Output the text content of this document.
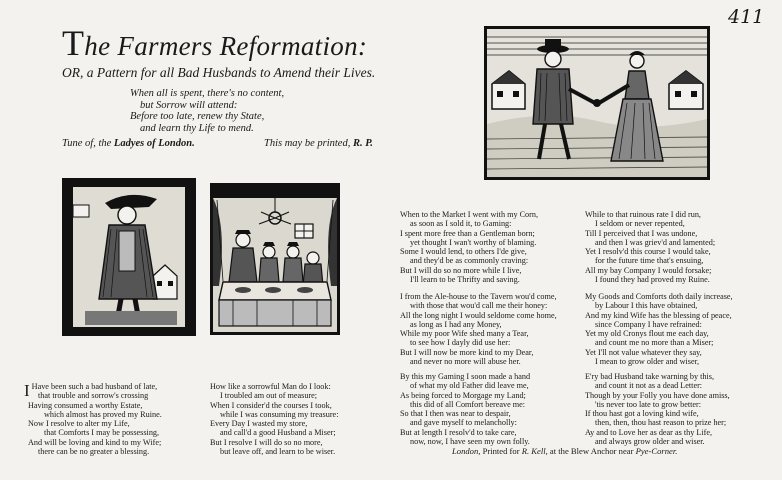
411
The Farmers Reformation:
OR, a Pattern for all Bad Husbands to Amend their Lives.
When all is spent, there's no content,
but Sorrow will attend:
Before too late, renew thy State,
and learn thy Life to mend.
Tune of, the Ladyes of London.	This may be printed, R. P.
I Have been such a bad husband of late,
that trouble and sorrow's crossing
Having consumed a worthy Estate,
which almost has proved my Ruine.
Now I resolve to alter my Life,
that Comforts I may be possessing,
And will be loving and kind to my Wife;
there can be no greater a blessing.
How like a sorrowful Man do I look:
I troubled am out of measure;
When I consider'd the courses I took,
while I was consuming my treasure:
Every Day I wasted my store,
and call'd a good Husband a Miser;
But I resolve I will do so no more,
but leave off, and learn to be wiser.
When to the Market I went with my Corn,
as soon as I sold it, to Gaming:
I spent more free than a Gentleman born;
yet thought I wan't worthy of blaming.
Some I would lend, to others I'de give,
and they'd be as commonly craving:
But I will do so no more while I live,
I'll learn to be Thrifty and saving.
I from the Ale-house to the Tavern wou'd come,
with those that wou'd call me their honey:
All the long night I would seldome come home,
as long as I had any Money,
While my poor Wife shed many a Tear,
to see how I dayly did use her:
But I will now be more kind to my Dear,
and never no more will abuse her.
By this my Gaming I soon made a hand
of what my old Father did leave me,
As being forced to Morgage my Land;
this did of all Comfort bereave me:
So that I then was near to despair,
and gave myself to melancholly:
But at length I resolv'd to take care,
now, now, I have seen my own folly.
While to that ruinous rate I did run,
I seldom or never repented,
Till I perceived that I was undone,
and then I was griev'd and lamented;
Yet I resolv'd this course I would take,
for the future time that's ensuing,
All my bay Company I would forsake;
I found they had proved my Ruine.
My Goods and Comforts doth daily increase,
by Labour I this have obtained,
And my kind Wife has the blessing of peace,
since Company I have refrained:
Yet my old Cronys flout me each day,
and count me no more than a Miser;
Yet I'll not value whatever they say,
I mean to grow older and wiser,
E'ry bad Husband take warning by this,
and count it not as a dead Letter:
Though by your Folly you have done amiss,
'tis never too late to grow better:
If thou hast got a loving kind wife,
then, then, thou hast reason to prize her;
Ay and to Love her as dear as thy Life,
and always grow older and wiser.
London, Printed for R. Kell, at the Blew Anchor near Pye-Corner.
